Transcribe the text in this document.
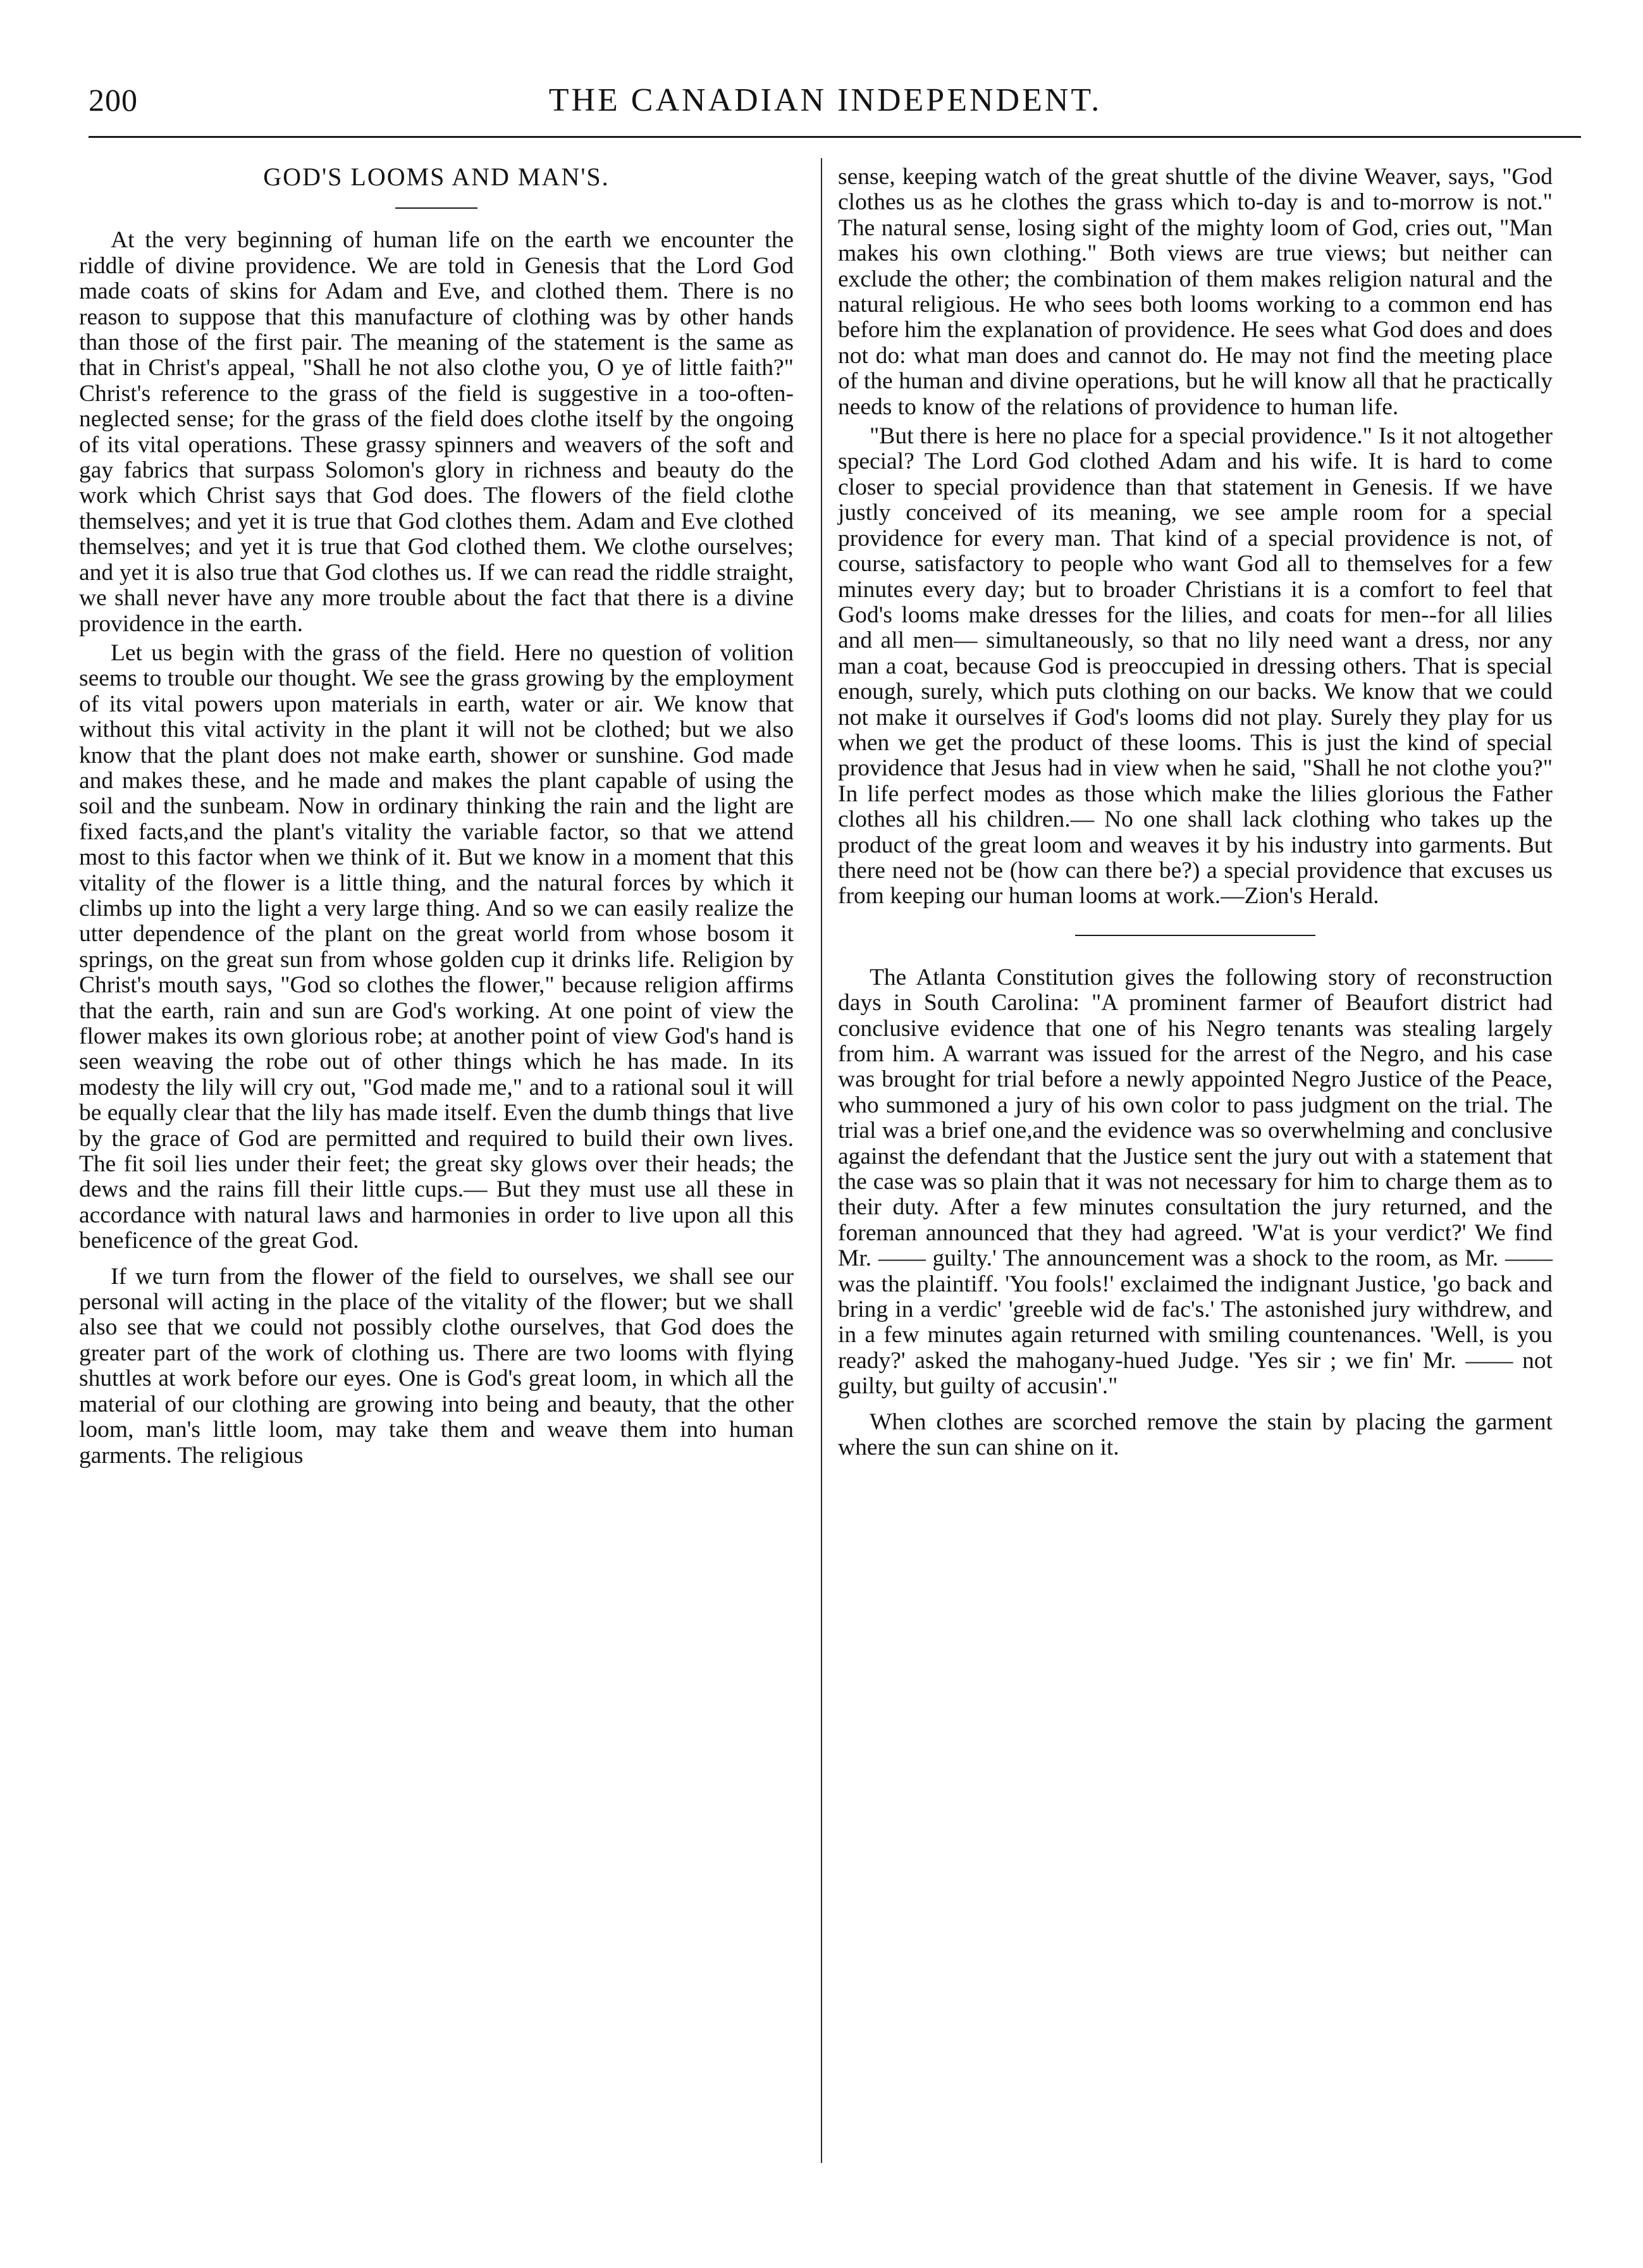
200	THE CANADIAN INDEPENDENT.
GOD'S LOOMS AND MAN'S.

At the very beginning of human life on the earth we encounter the riddle of divine providence. We are told in Genesis that the Lord God made coats of skins for Adam and Eve, and clothed them. There is no reason to suppose that this manufacture of clothing was by other hands than those of the first pair. The meaning of the statement is the same as that in Christ's appeal, "Shall he not also clothe you, O ye of little faith?" Christ's reference to the grass of the field is suggestive in a too-often-neglected sense; for the grass of the field does clothe itself by the ongoing of its vital operations. These grassy spinners and weavers of the soft and gay fabrics that surpass Solomon's glory in richness and beauty do the work which Christ says that God does. The flowers of the field clothe themselves; and yet it is true that God clothes them. Adam and Eve clothed themselves; and yet it is true that God clothed them. We clothe ourselves; and yet it is also true that God clothes us. If we can read the riddle straight, we shall never have any more trouble about the fact that there is a divine providence in the earth.

Let us begin with the grass of the field. Here no question of volition seems to trouble our thought. We see the grass growing by the employment of its vital powers upon materials in earth, water or air. We know that without this vital activity in the plant it will not be clothed; but we also know that the plant does not make earth, shower or sunshine. God made and makes these, and he made and makes the plant capable of using the soil and the sunbeam. Now in ordinary thinking the rain and the light are fixed facts,and the plant's vitality the variable factor, so that we attend most to this factor when we think of it. But we know in a moment that this vitality of the flower is a little thing, and the natural forces by which it climbs up into the light a very large thing. And so we can easily realize the utter dependence of the plant on the great world from whose bosom it springs, on the great sun from whose golden cup it drinks life. Religion by Christ's mouth says, "God so clothes the flower," because religion affirms that the earth, rain and sun are God's working. At one point of view the flower makes its own glorious robe; at another point of view God's hand is seen weaving the robe out of other things which he has made. In its modesty the lily will cry out, "God made me," and to a rational soul it will be equally clear that the lily has made itself. Even the dumb things that live by the grace of God are permitted and required to build their own lives. The fit soil lies under their feet; the great sky glows over their heads; the dews and the rains fill their little cups.— But they must use all these in accordance with natural laws and harmonies in order to live upon all this beneficence of the great God.

If we turn from the flower of the field to ourselves, we shall see our personal will acting in the place of the vitality of the flower; but we shall also see that we could not possibly clothe ourselves, that God does the greater part of the work of clothing us. There are two looms with flying shuttles at work before our eyes. One is God's great loom, in which all the material of our clothing are growing into being and beauty, that the other loom, man's little loom, may take them and weave them into human garments. The religious

sense, keeping watch of the great shuttle of the divine Weaver, says, "God clothes us as he clothes the grass which to-day is and to-morrow is not." The natural sense, losing sight of the mighty loom of God, cries out, "Man makes his own clothing." Both views are true views; but neither can exclude the other; the combination of them makes religion natural and the natural religious. He who sees both looms working to a common end has before him the explanation of providence. He sees what God does and does not do: what man does and cannot do. He may not find the meeting place of the human and divine operations, but he will know all that he practically needs to know of the relations of providence to human life.

"But there is here no place for a special providence." Is it not altogether special? The Lord God clothed Adam and his wife. It is hard to come closer to special providence than that statement in Genesis. If we have justly conceived of its meaning, we see ample room for a special providence for every man. That kind of a special providence is not, of course, satisfactory to people who want God all to themselves for a few minutes every day; but to broader Christians it is a comfort to feel that God's looms make dresses for the lilies, and coats for men--for all lilies and all men— simultaneously, so that no lily need want a dress, nor any man a coat, because God is preoccupied in dressing others. That is special enough, surely, which puts clothing on our backs. We know that we could not make it ourselves if God's looms did not play. Surely they play for us when we get the product of these looms. This is just the kind of special providence that Jesus had in view when he said, "Shall he not clothe you?" In life perfect modes as those which make the lilies glorious the Father clothes all his children.— No one shall lack clothing who takes up the product of the great loom and weaves it by his industry into garments. But there need not be (how can there be?) a special providence that excuses us from keeping our human looms at work.—Zion's Herald.

The Atlanta Constitution gives the following story of reconstruction days in South Carolina: "A prominent farmer of Beaufort district had conclusive evidence that one of his Negro tenants was stealing largely from him. A warrant was issued for the arrest of the Negro, and his case was brought for trial before a newly appointed Negro Justice of the Peace, who summoned a jury of his own color to pass judgment on the trial. The trial was a brief one,and the evidence was so overwhelming and conclusive against the defendant that the Justice sent the jury out with a statement that the case was so plain that it was not necessary for him to charge them as to their duty. After a few minutes consultation the jury returned, and the foreman announced that they had agreed. 'W'at is your verdict?' We find Mr. —— guilty.' The announcement was a shock to the room, as Mr. —— was the plaintiff. 'You fools!' exclaimed the indignant Justice, 'go back and bring in a verdic' 'greeble wid de fac's.' The astonished jury withdrew, and in a few minutes again returned with smiling countenances. 'Well, is you ready?' asked the mahogany-hued Judge. 'Yes sir ; we fin' Mr. —— not guilty, but guilty of accusin'."

When clothes are scorched remove the stain by placing the garment where the sun can shine on it.
